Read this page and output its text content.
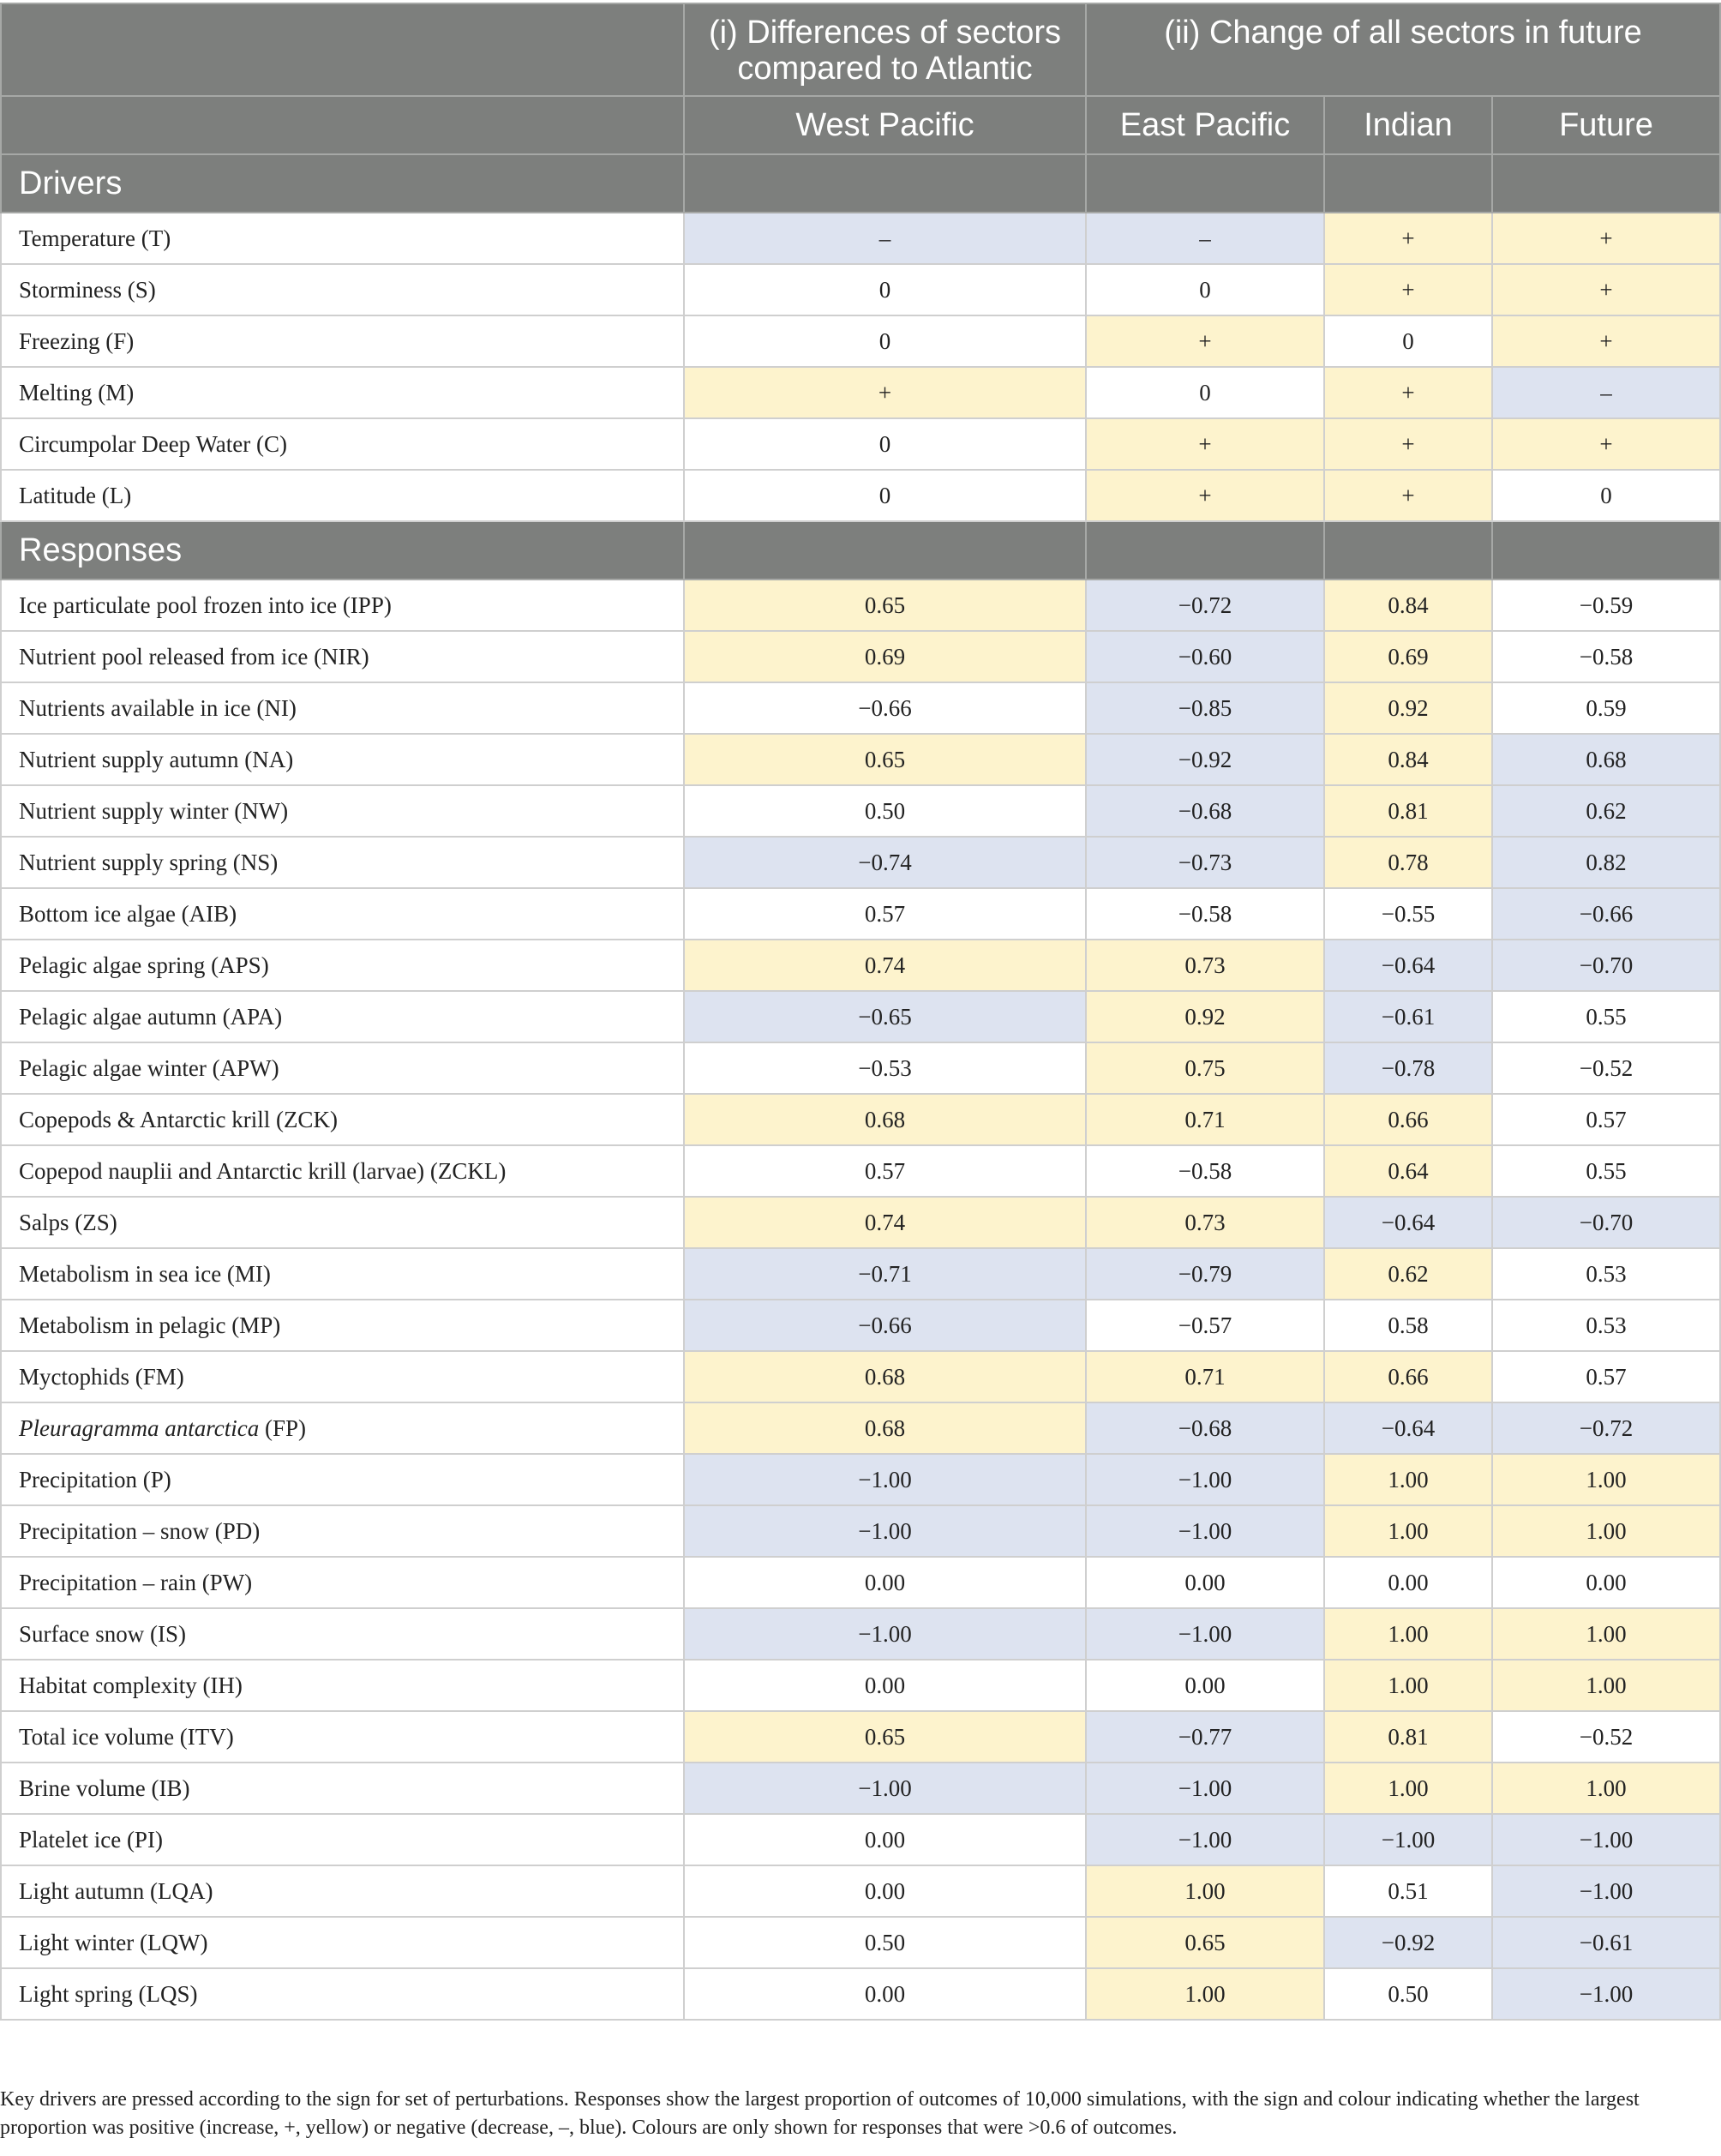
	(i) Differences of sectors compared to Atlantic	(ii) Change of all sectors in future		
	West Pacific	East Pacific	Indian	Future
Drivers				
Temperature (T)	–	–	+	+
Storminess (S)	0	0	+	+
Freezing (F)	0	+	0	+
Melting (M)	+	0	+	–
Circumpolar Deep Water (C)	0	+	+	+
Latitude (L)	0	+	+	0
Responses				
Ice particulate pool frozen into ice (IPP)	0.65	−0.72	0.84	−0.59
Nutrient pool released from ice (NIR)	0.69	−0.60	0.69	−0.58
Nutrients available in ice (NI)	−0.66	−0.85	0.92	0.59
Nutrient supply autumn (NA)	0.65	−0.92	0.84	0.68
Nutrient supply winter (NW)	0.50	−0.68	0.81	0.62
Nutrient supply spring (NS)	−0.74	−0.73	0.78	0.82
Bottom ice algae (AIB)	0.57	−0.58	−0.55	−0.66
Pelagic algae spring (APS)	0.74	0.73	−0.64	−0.70
Pelagic algae autumn (APA)	−0.65	0.92	−0.61	0.55
Pelagic algae winter (APW)	−0.53	0.75	−0.78	−0.52
Copepods & Antarctic krill (ZCK)	0.68	0.71	0.66	0.57
Copepod nauplii and Antarctic krill (larvae) (ZCKL)	0.57	−0.58	0.64	0.55
Salps (ZS)	0.74	0.73	−0.64	−0.70
Metabolism in sea ice (MI)	−0.71	−0.79	0.62	0.53
Metabolism in pelagic (MP)	−0.66	−0.57	0.58	0.53
Myctophids (FM)	0.68	0.71	0.66	0.57
Pleuragramma antarctica (FP)	0.68	−0.68	−0.64	−0.72
Precipitation (P)	−1.00	−1.00	1.00	1.00
Precipitation – snow (PD)	−1.00	−1.00	1.00	1.00
Precipitation – rain (PW)	0.00	0.00	0.00	0.00
Surface snow (IS)	−1.00	−1.00	1.00	1.00
Habitat complexity (IH)	0.00	0.00	1.00	1.00
Total ice volume (ITV)	0.65	−0.77	0.81	−0.52
Brine volume (IB)	−1.00	−1.00	1.00	1.00
Platelet ice (PI)	0.00	−1.00	−1.00	−1.00
Light autumn (LQA)	0.00	1.00	0.51	−1.00
Light winter (LQW)	0.50	0.65	−0.92	−0.61
Light spring (LQS)	0.00	1.00	0.50	−1.00
Key drivers are pressed according to the sign for set of perturbations. Responses show the largest proportion of outcomes of 10,000 simulations, with the sign and colour indicating whether the largest proportion was positive (increase, +, yellow) or negative (decrease, –, blue). Colours are only shown for responses that were >0.6 of outcomes.
